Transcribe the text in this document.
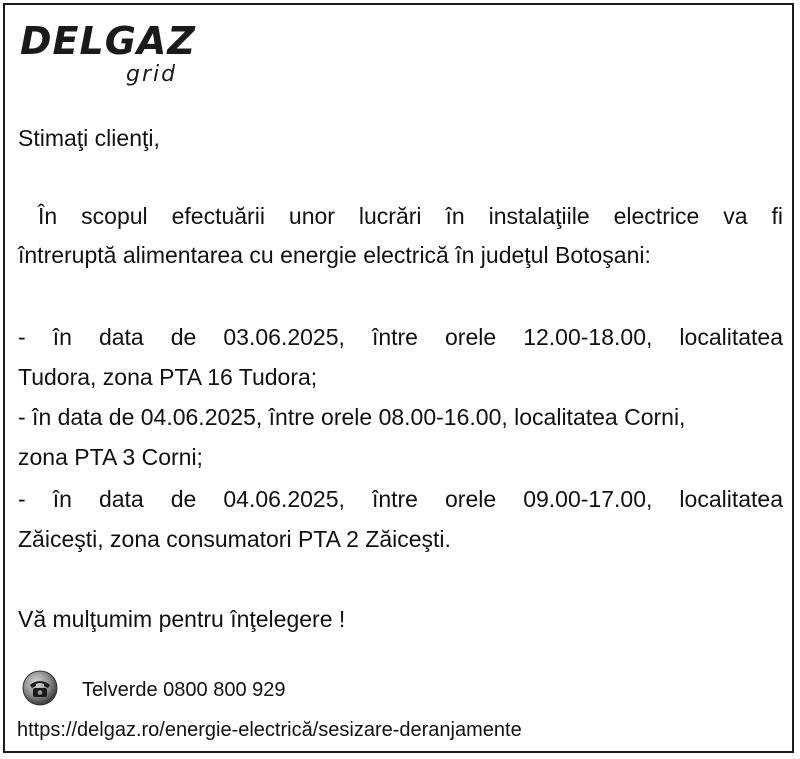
DELGAZ
grid
Stimaţi clienţi,
În scopul efectuării unor lucrări în instalaţiile electrice va fi
întreruptă alimentarea cu energie electrică în judeţul Botoşani:
- în data de 03.06.2025, între orele 12.00-18.00, localitatea
Tudora, zona PTA 16 Tudora;
- în data de 04.06.2025, între orele 08.00-16.00, localitatea Corni,
zona PTA 3 Corni;
- în data de 04.06.2025, între orele 09.00-17.00, localitatea
Zăiceşti, zona consumatori PTA 2 Zăiceşti.
Vă mulţumim pentru înţelegere !
Telverde 0800 800 929
https://delgaz.ro/energie-electrică/sesizare-deranjamente
